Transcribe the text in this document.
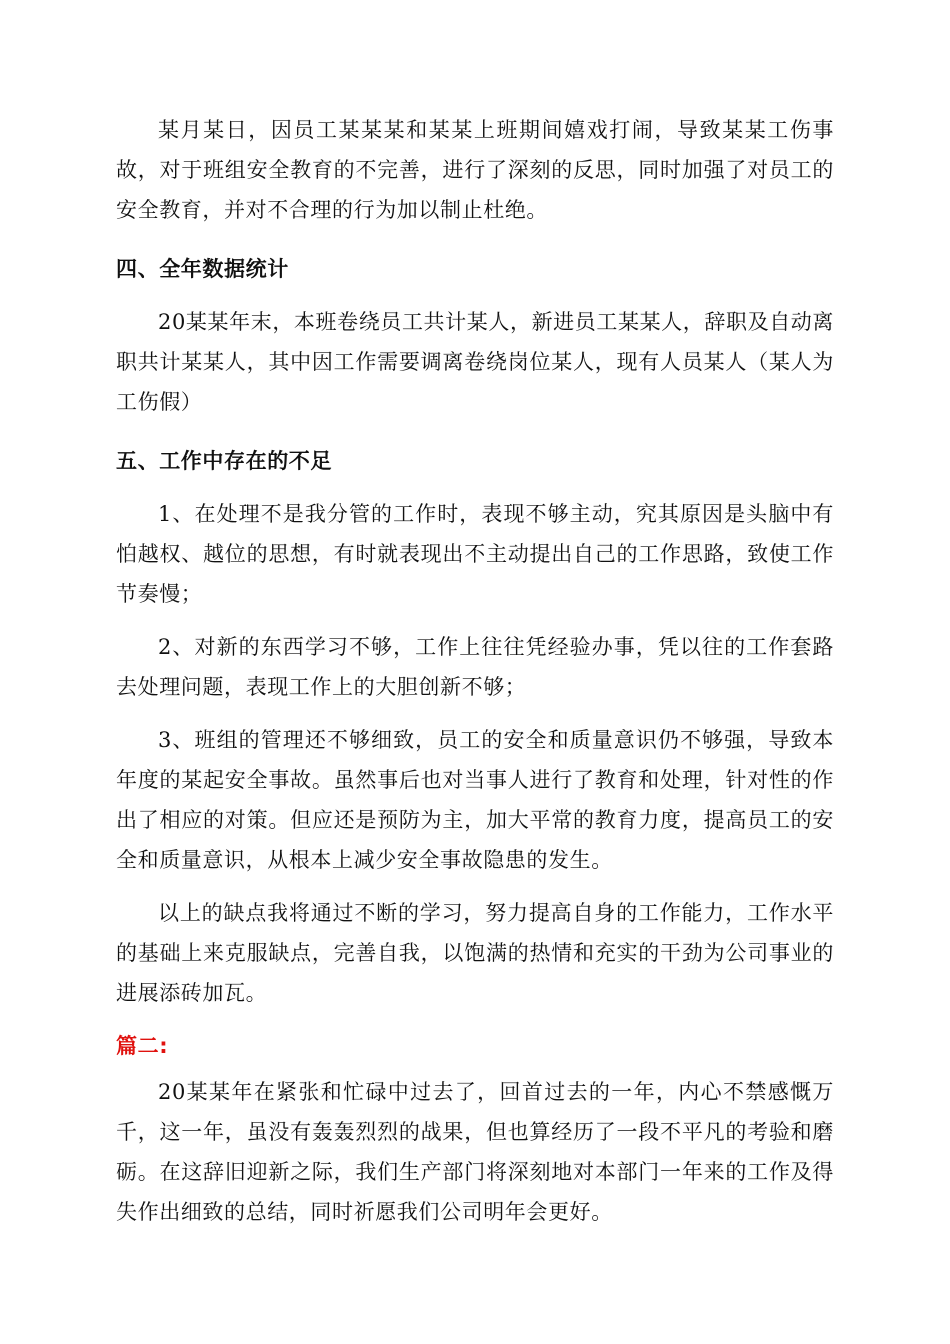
某月某日，因员工某某某和某某上班期间嬉戏打闹，导致某某工伤事故，对于班组安全教育的不完善，进行了深刻的反思，同时加强了对员工的安全教育，并对不合理的行为加以制止杜绝。

四、全年数据统计

20某某年末，本班卷绕员工共计某人，新进员工某某人，辞职及自动离职共计某某人，其中因工作需要调离卷绕岗位某人，现有人员某人（某人为工伤假）

五、工作中存在的不足

1、在处理不是我分管的工作时，表现不够主动，究其原因是头脑中有怕越权、越位的思想，有时就表现出不主动提出自己的工作思路，致使工作节奏慢；

2、对新的东西学习不够，工作上往往凭经验办事，凭以往的工作套路去处理问题，表现工作上的大胆创新不够；

3、班组的管理还不够细致，员工的安全和质量意识仍不够强，导致本年度的某起安全事故。虽然事后也对当事人进行了教育和处理，针对性的作出了相应的对策。但应还是预防为主，加大平常的教育力度，提高员工的安全和质量意识，从根本上减少安全事故隐患的发生。

以上的缺点我将通过不断的学习，努力提高自身的工作能力，工作水平的基础上来克服缺点，完善自我，以饱满的热情和充实的干劲为公司事业的进展添砖加瓦。

篇二:

20某某年在紧张和忙碌中过去了，回首过去的一年，内心不禁感慨万千，这一年，虽没有轰轰烈烈的战果，但也算经历了一段不平凡的考验和磨砺。在这辞旧迎新之际，我们生产部门将深刻地对本部门一年来的工作及得失作出细致的总结，同时祈愿我们公司明年会更好。
